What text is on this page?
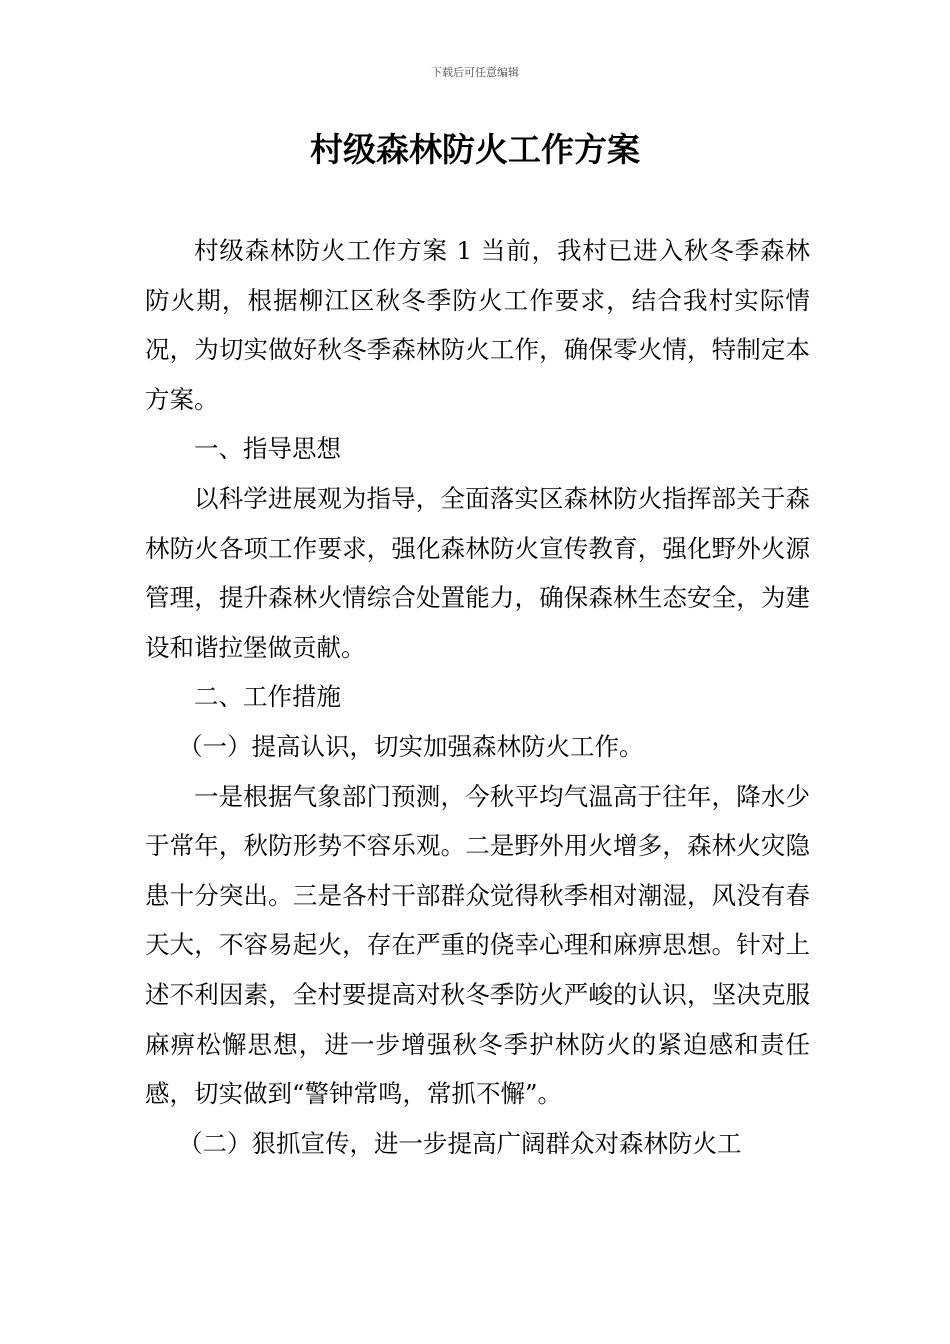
下载后可任意编辑
村级森林防火工作方案

村级森林防火工作方案 1 当前，我村已进入秋冬季森林防火期，根据柳江区秋冬季防火工作要求，结合我村实际情况，为切实做好秋冬季森林防火工作，确保零火情，特制定本方案。

一、指导思想

以科学进展观为指导，全面落实区森林防火指挥部关于森林防火各项工作要求，强化森林防火宣传教育，强化野外火源管理，提升森林火情综合处置能力，确保森林生态安全，为建设和谐拉堡做贡献。

二、工作措施

（一）提高认识，切实加强森林防火工作。

一是根据气象部门预测，今秋平均气温高于往年，降水少于常年，秋防形势不容乐观。二是野外用火增多，森林火灾隐患十分突出。三是各村干部群众觉得秋季相对潮湿，风没有春天大，不容易起火，存在严重的侥幸心理和麻痹思想。针对上述不利因素，全村要提高对秋冬季防火严峻的认识，坚决克服麻痹松懈思想，进一步增强秋冬季护林防火的紧迫感和责任感，切实做到“警钟常鸣，常抓不懈”。

（二）狠抓宣传，进一步提高广阔群众对森林防火工
